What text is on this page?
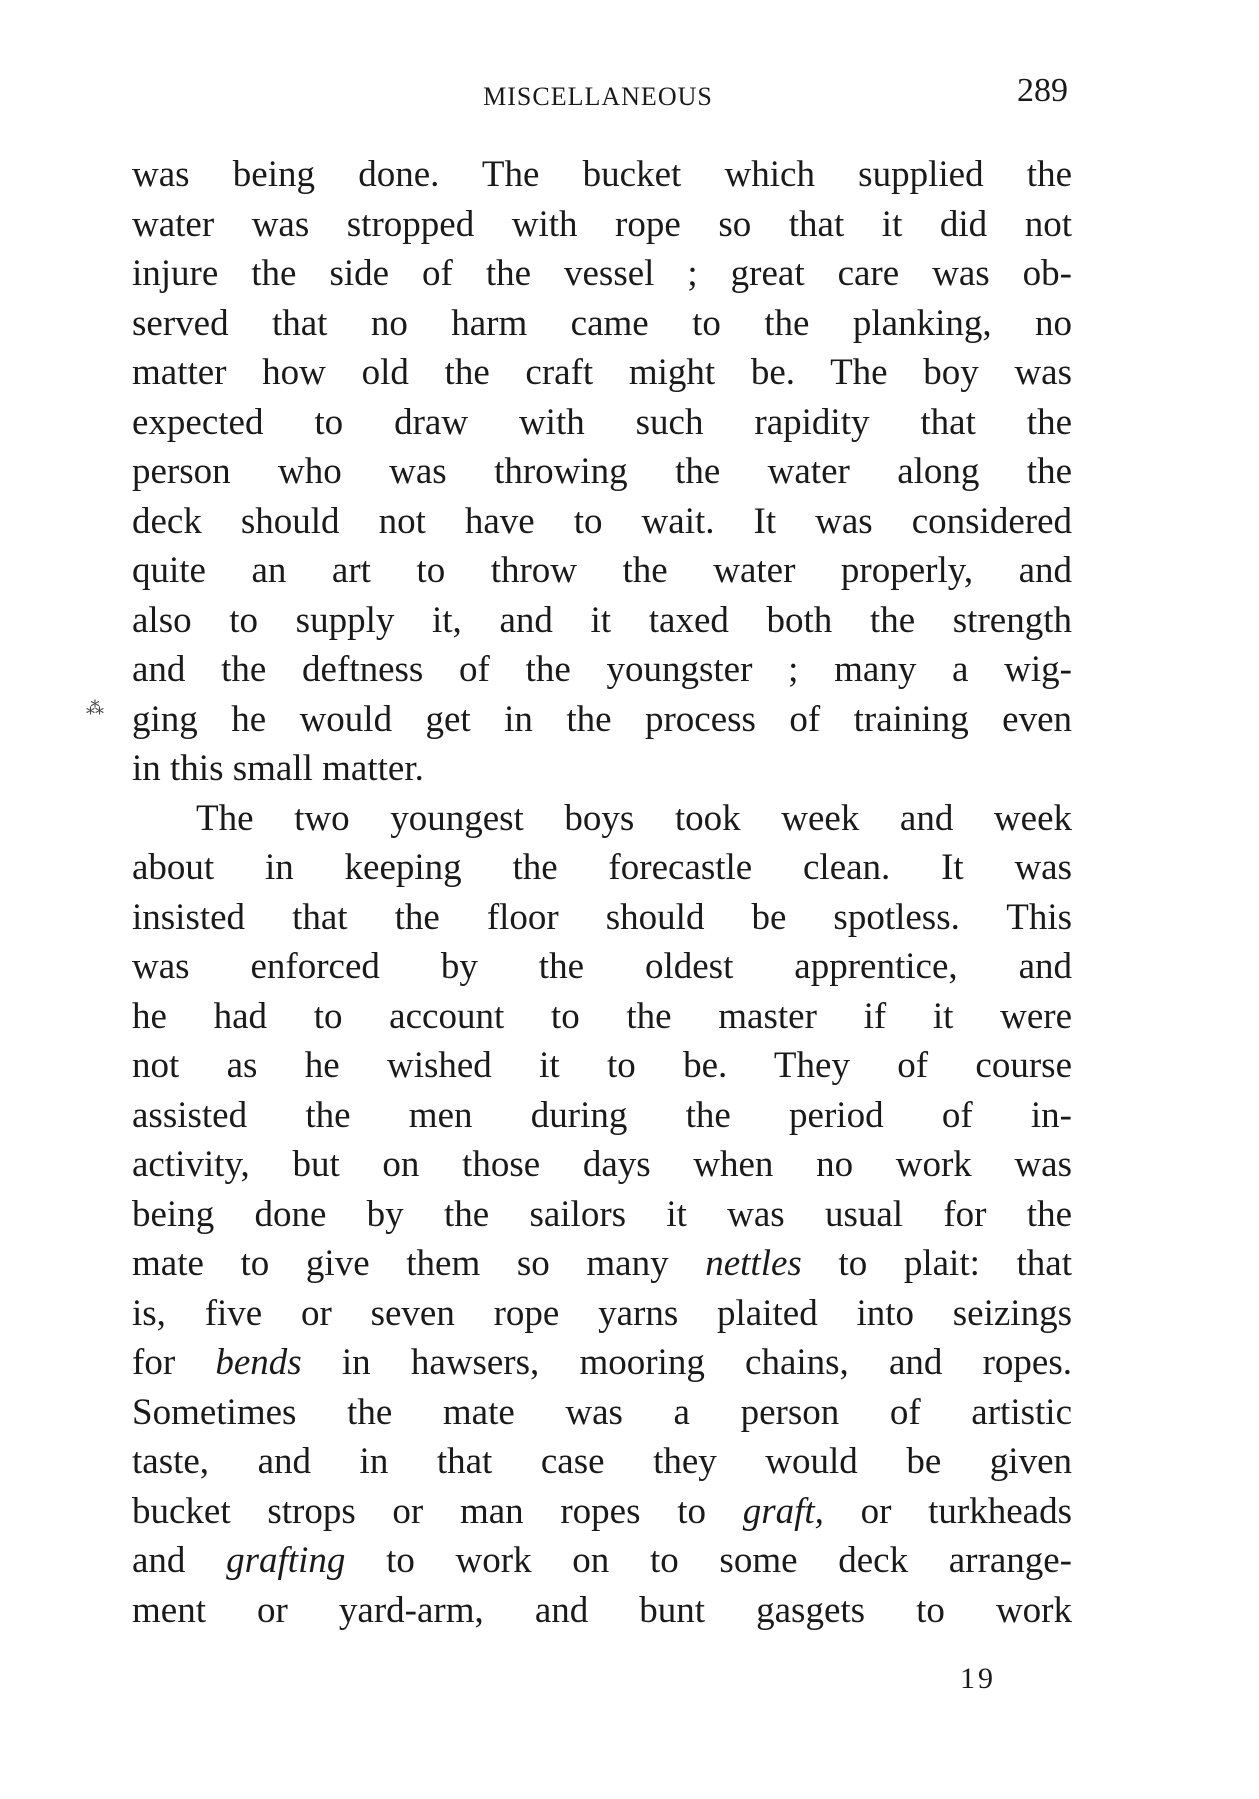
MISCELLANEOUS	289
⁂
was being done. The bucket which supplied the
water was stropped with rope so that it did not
injure the side of the vessel ; great care was ob-
served that no harm came to the planking, no
matter how old the craft might be. The boy was
expected to draw with such rapidity that the
person who was throwing the water along the
deck should not have to wait. It was considered
quite an art to throw the water properly, and
also to supply it, and it taxed both the strength
and the deftness of the youngster ; many a wig-
ging he would get in the process of training even
in this small matter.
The two youngest boys took week and week
about in keeping the forecastle clean. It was
insisted that the floor should be spotless. This
was enforced by the oldest apprentice, and
he had to account to the master if it were
not as he wished it to be. They of course
assisted the men during the period of in-
activity, but on those days when no work was
being done by the sailors it was usual for the
mate to give them so many nettles to plait: that
is, five or seven rope yarns plaited into seizings
for bends in hawsers, mooring chains, and ropes.
Sometimes the mate was a person of artistic
taste, and in that case they would be given
bucket strops or man ropes to graft, or turkheads
and grafting to work on to some deck arrange-
ment or yard-arm, and bunt gasgets to work
19
